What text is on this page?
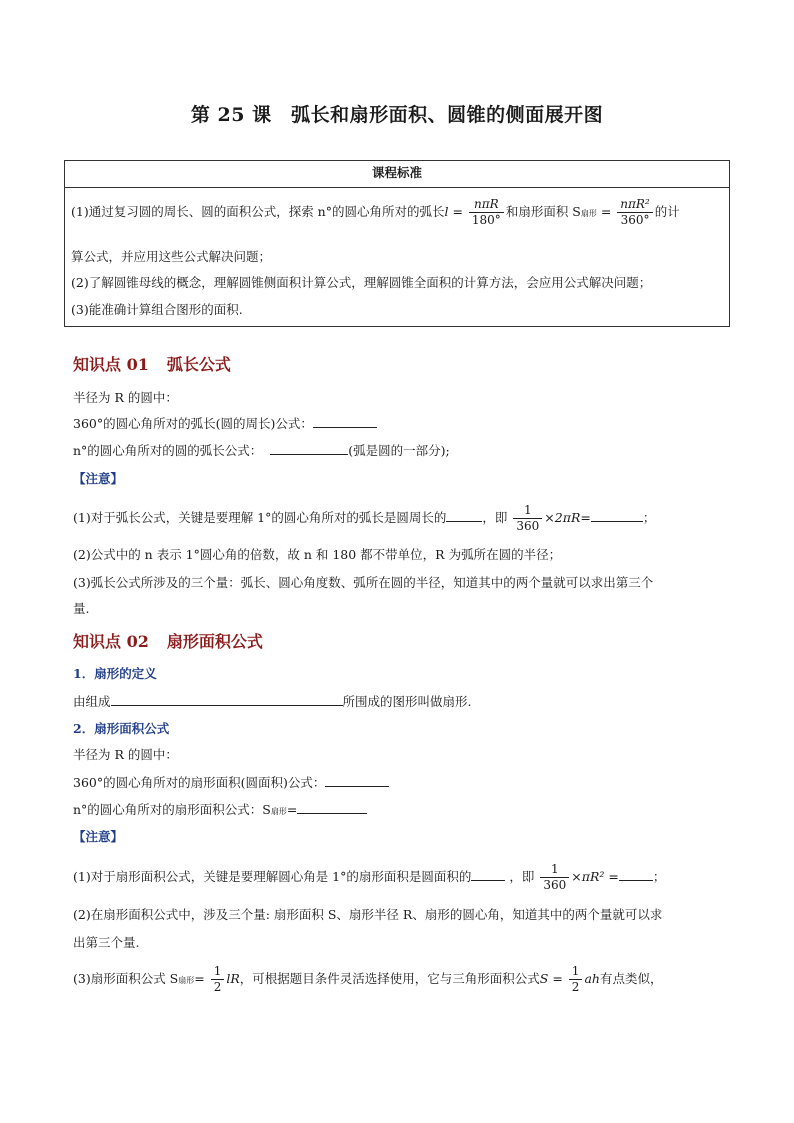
第 25 课　弧长和扇形面积、圆锥的侧面展开图
课程标准
(1)通过复习圆的周长、圆的面积公式，探索 n°的圆心角所对的弧长$l = \frac{\text{nπR}}{180^\circ}$ 和扇形面积 S扇形 = $\frac{\text{nπR²}}{360^\circ}$ 的计
算公式，并应用这些公式解决问题；
(2)了解圆锥母线的概念，理解圆锥侧面积计算公式，理解圆锥全面积的计算方法，会应用公式解决问题；
(3)能准确计算组合图形的面积.
知识点 01 弧长公式
半径为 R 的圆中：
360°的圆心角所对的弧长(圆的周长)公式：
n°的圆心角所对的圆的弧长公式：	(弧是圆的一部分);
【注意】
(1)对于弧长公式，关键是要理解 1°的圆心角所对的弧长是圆周长的	，即 $\frac{1}{360} \times 2\pi R=$	；
(2)公式中的 n 表示 1°圆心角的倍数，故 n 和 180 都不带单位，R 为弧所在圆的半径；
(3)弧长公式所涉及的三个量：弧长、圆心角度数、弧所在圆的半径，知道其中的两个量就可以求出第三个
量.
知识点 02 扇形面积公式
1．扇形的定义
由组成	所围成的图形叫做扇形.
2．扇形面积公式
半径为 R 的圆中：
360°的圆心角所对的扇形面积(圆面积)公式：
n°的圆心角所对的扇形面积公式：S扇形=
【注意】
(1)对于扇形面积公式，关键是要理解圆心角是 1°的扇形面积是圆面积的	，即 $\frac{1}{360} \times\pi R^2$ =	；
(2)在扇形面积公式中，涉及三个量: 扇形面积 S、扇形半径 R、扇形的圆心角，知道其中的两个量就可以求
出第三个量.
(3)扇形面积公式 S扇形= $\frac{1}{2}$ lR，可根据题目条件灵活选择使用，它与三角形面积公式$S = \frac{1}{2}$ ah有点类似，
